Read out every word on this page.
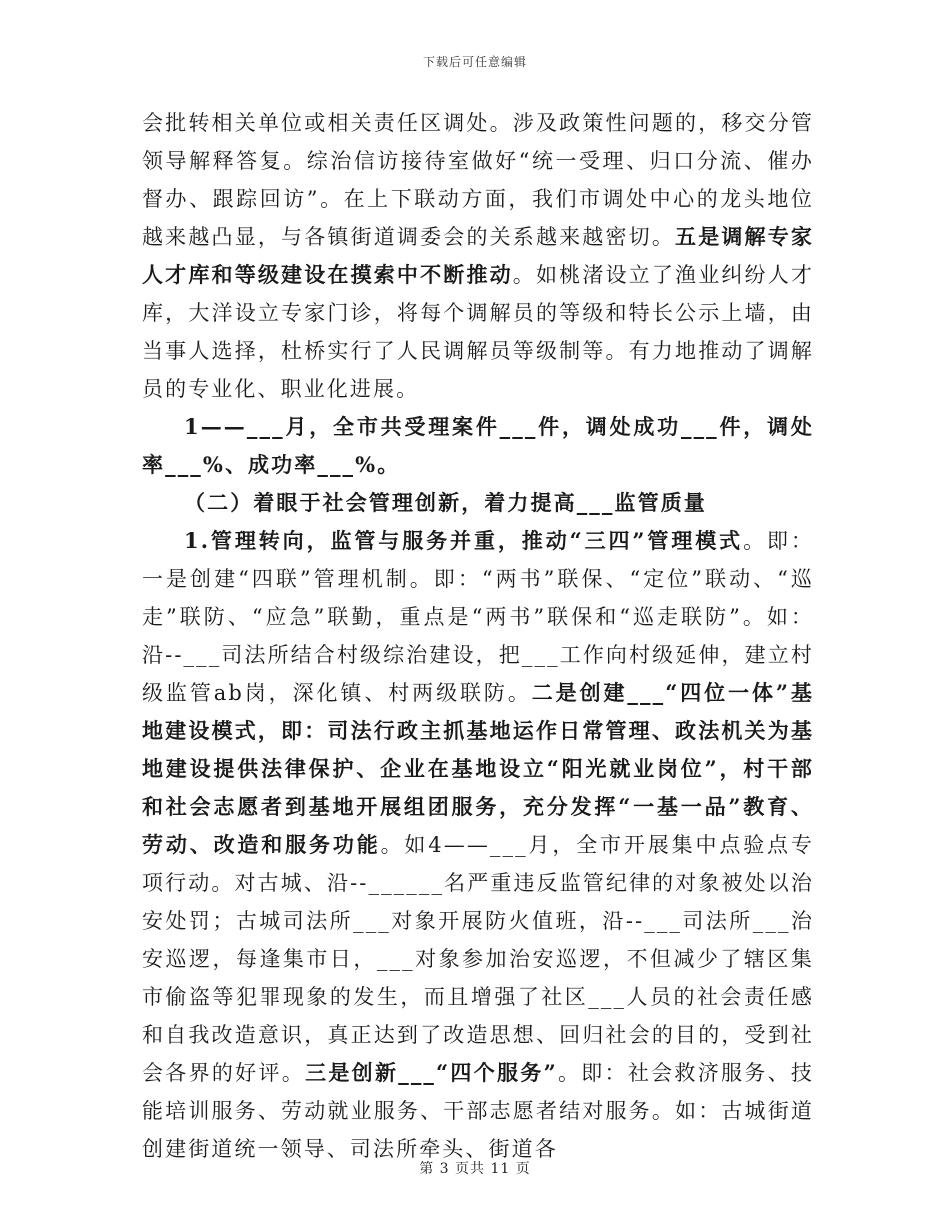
下载后可任意编辑

会批转相关单位或相关责任区调处。涉及政策性问题的，移交分管领导解释答复。综治信访接待室做好“统一受理、归口分流、催办督办、跟踪回访”。在上下联动方面，我们市调处中心的龙头地位越来越凸显，与各镇街道调委会的关系越来越密切。五是调解专家人才库和等级建设在摸索中不断推动。如桃渚设立了渔业纠纷人才库，大洋设立专家门诊，将每个调解员的等级和特长公示上墙，由当事人选择，杜桥实行了人民调解员等级制等。有力地推动了调解员的专业化、职业化进展。

1——___月，全市共受理案件___件，调处成功___件，调处率___%、成功率___%。

（二）着眼于社会管理创新，着力提高___监管质量

1.管理转向，监管与服务并重，推动“三四”管理模式。即：一是创建“四联”管理机制。即：“两书”联保、“定位”联动、“巡走”联防、“应急”联勤，重点是“两书”联保和“巡走联防”。如：沿--___司法所结合村级综治建设，把___工作向村级延伸，建立村级监管ab岗，深化镇、村两级联防。二是创建___“四位一体”基地建设模式，即：司法行政主抓基地运作日常管理、政法机关为基地建设提供法律保护、企业在基地设立“阳光就业岗位”，村干部和社会志愿者到基地开展组团服务，充分发挥“一基一品”教育、劳动、改造和服务功能。如4——___月，全市开展集中点验点专项行动。对古城、沿--______名严重违反监管纪律的对象被处以治安处罚；古城司法所___对象开展防火值班，沿--___司法所___治安巡逻，每逢集市日，___对象参加治安巡逻，不但减少了辖区集市偷盗等犯罪现象的发生，而且增强了社区___人员的社会责任感和自我改造意识，真正达到了改造思想、回归社会的目的，受到社会各界的好评。三是创新___“四个服务”。即：社会救济服务、技能培训服务、劳动就业服务、干部志愿者结对服务。如：古城街道创建街道统一领导、司法所牵头、街道各

第 3 页共 11 页
